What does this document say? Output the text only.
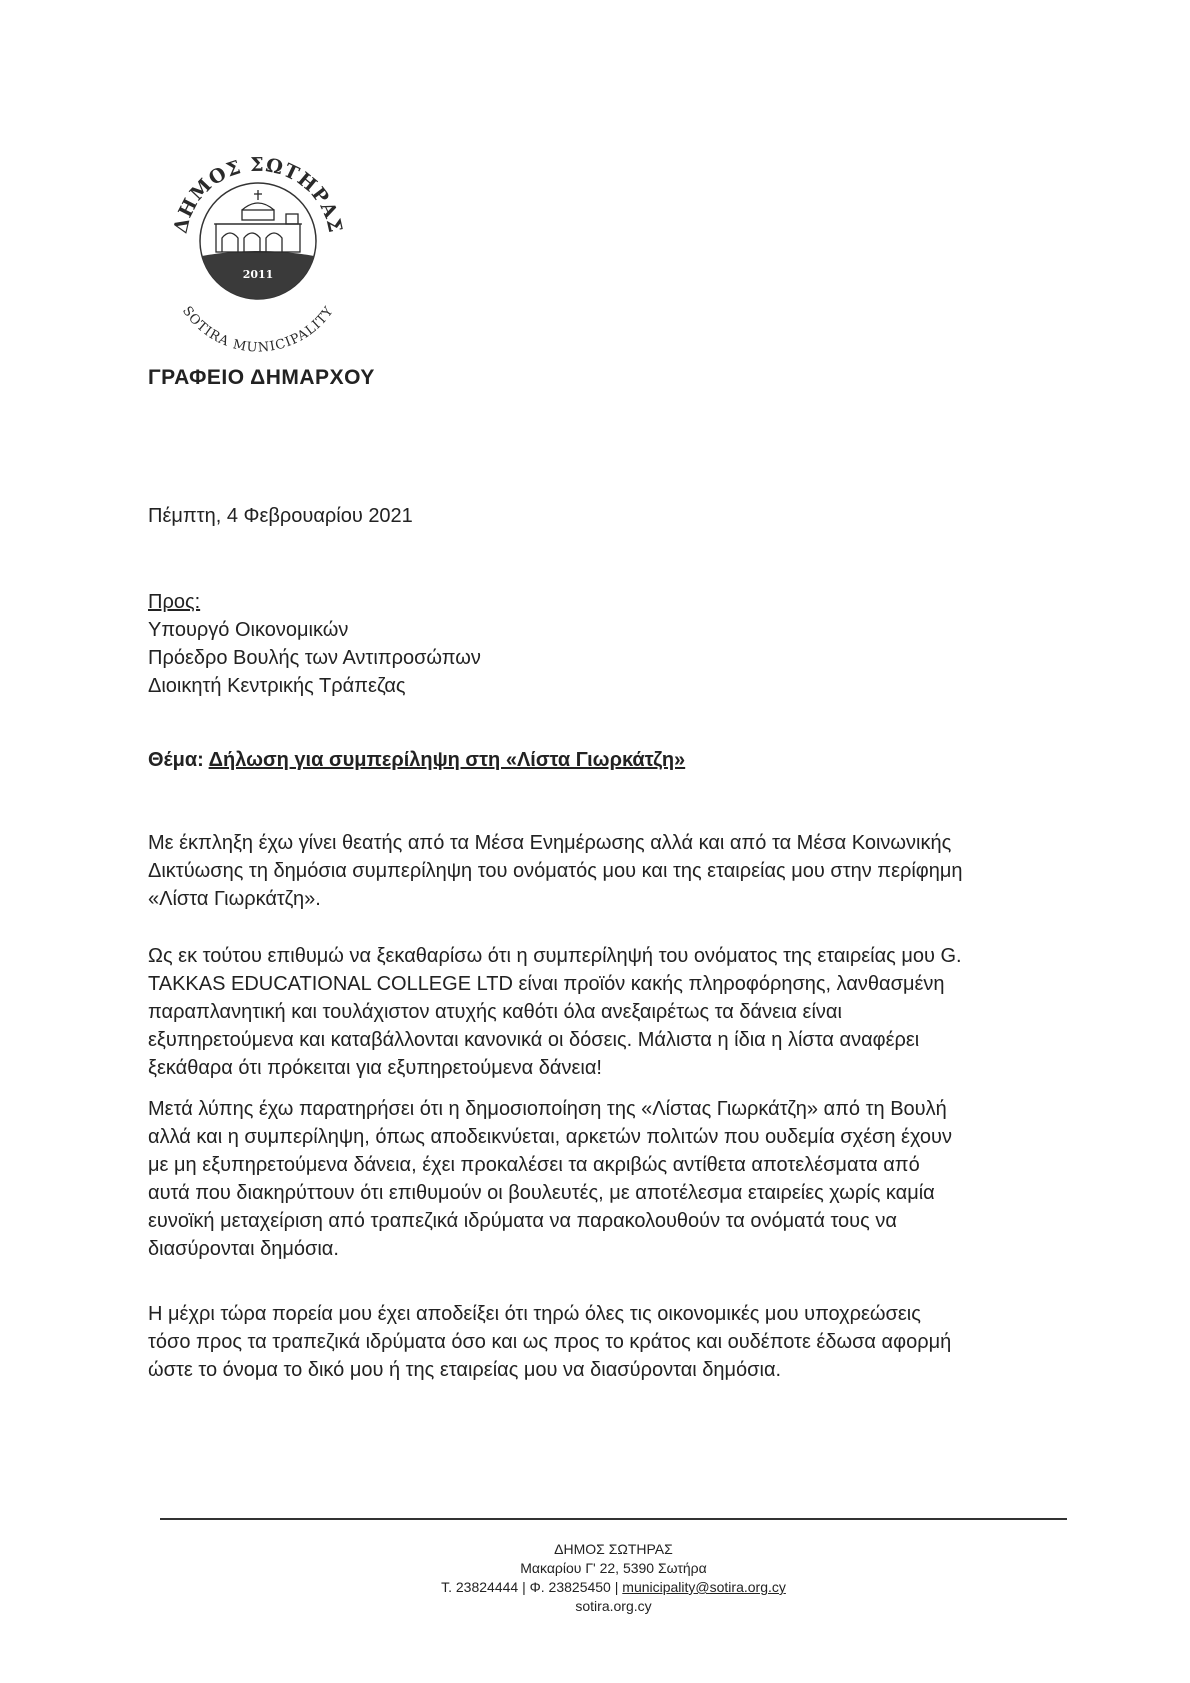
ΔΗΜΟΣ ΣΩΤΗΡΑΣ
2011
SOTIRA MUNICIPALITY
ΓΡΑΦΕΙΟ ΔΗΜΑΡΧΟΥ
Πέμπτη, 4 Φεβρουαρίου 2021
Προς:
Υπουργό Οικονομικών
Πρόεδρο Βουλής των Αντιπροσώπων
Διοικητή Κεντρικής Τράπεζας
Θέμα: Δήλωση για συμπερίληψη στη «Λίστα Γιωρκάτζη»
Με έκπληξη έχω γίνει θεατής από τα Μέσα Ενημέρωσης αλλά και από τα Μέσα Κοινωνικής
Δικτύωσης τη δημόσια συμπερίληψη του ονόματός μου και της εταιρείας μου στην περίφημη
«Λίστα Γιωρκάτζη».
Ως εκ τούτου επιθυμώ να ξεκαθαρίσω ότι η συμπερίληψή του ονόματος της εταιρείας μου G.
TAKKAS EDUCATIONAL COLLEGE LTD είναι προϊόν κακής πληροφόρησης, λανθασμένη
παραπλανητική και τουλάχιστον ατυχής καθότι όλα ανεξαιρέτως τα δάνεια είναι
εξυπηρετούμενα και καταβάλλονται κανονικά οι δόσεις. Μάλιστα η ίδια η λίστα αναφέρει
ξεκάθαρα ότι πρόκειται για εξυπηρετούμενα δάνεια!
Μετά λύπης έχω παρατηρήσει ότι η δημοσιοποίηση της «Λίστας Γιωρκάτζη» από τη Βουλή
αλλά και η συμπερίληψη, όπως αποδεικνύεται, αρκετών πολιτών που ουδεμία σχέση έχουν
με μη εξυπηρετούμενα δάνεια, έχει προκαλέσει τα ακριβώς αντίθετα αποτελέσματα από
αυτά που διακηρύττουν ότι επιθυμούν οι βουλευτές, με αποτέλεσμα εταιρείες χωρίς καμία
ευνοϊκή μεταχείριση από τραπεζικά ιδρύματα να παρακολουθούν τα ονόματά τους να
διασύρονται δημόσια.
Η μέχρι τώρα πορεία μου έχει αποδείξει ότι τηρώ όλες τις οικονομικές μου υποχρεώσεις
τόσο προς τα τραπεζικά ιδρύματα όσο και ως προς το κράτος και ουδέποτε έδωσα αφορμή
ώστε το όνομα το δικό μου ή της εταιρείας μου να διασύρονται δημόσια.
ΔΗΜΟΣ ΣΩΤΗΡΑΣ
Μακαρίου Γ' 22, 5390 Σωτήρα
Τ. 23824444 | Φ. 23825450 | municipality@sotira.org.cy
sotira.org.cy
